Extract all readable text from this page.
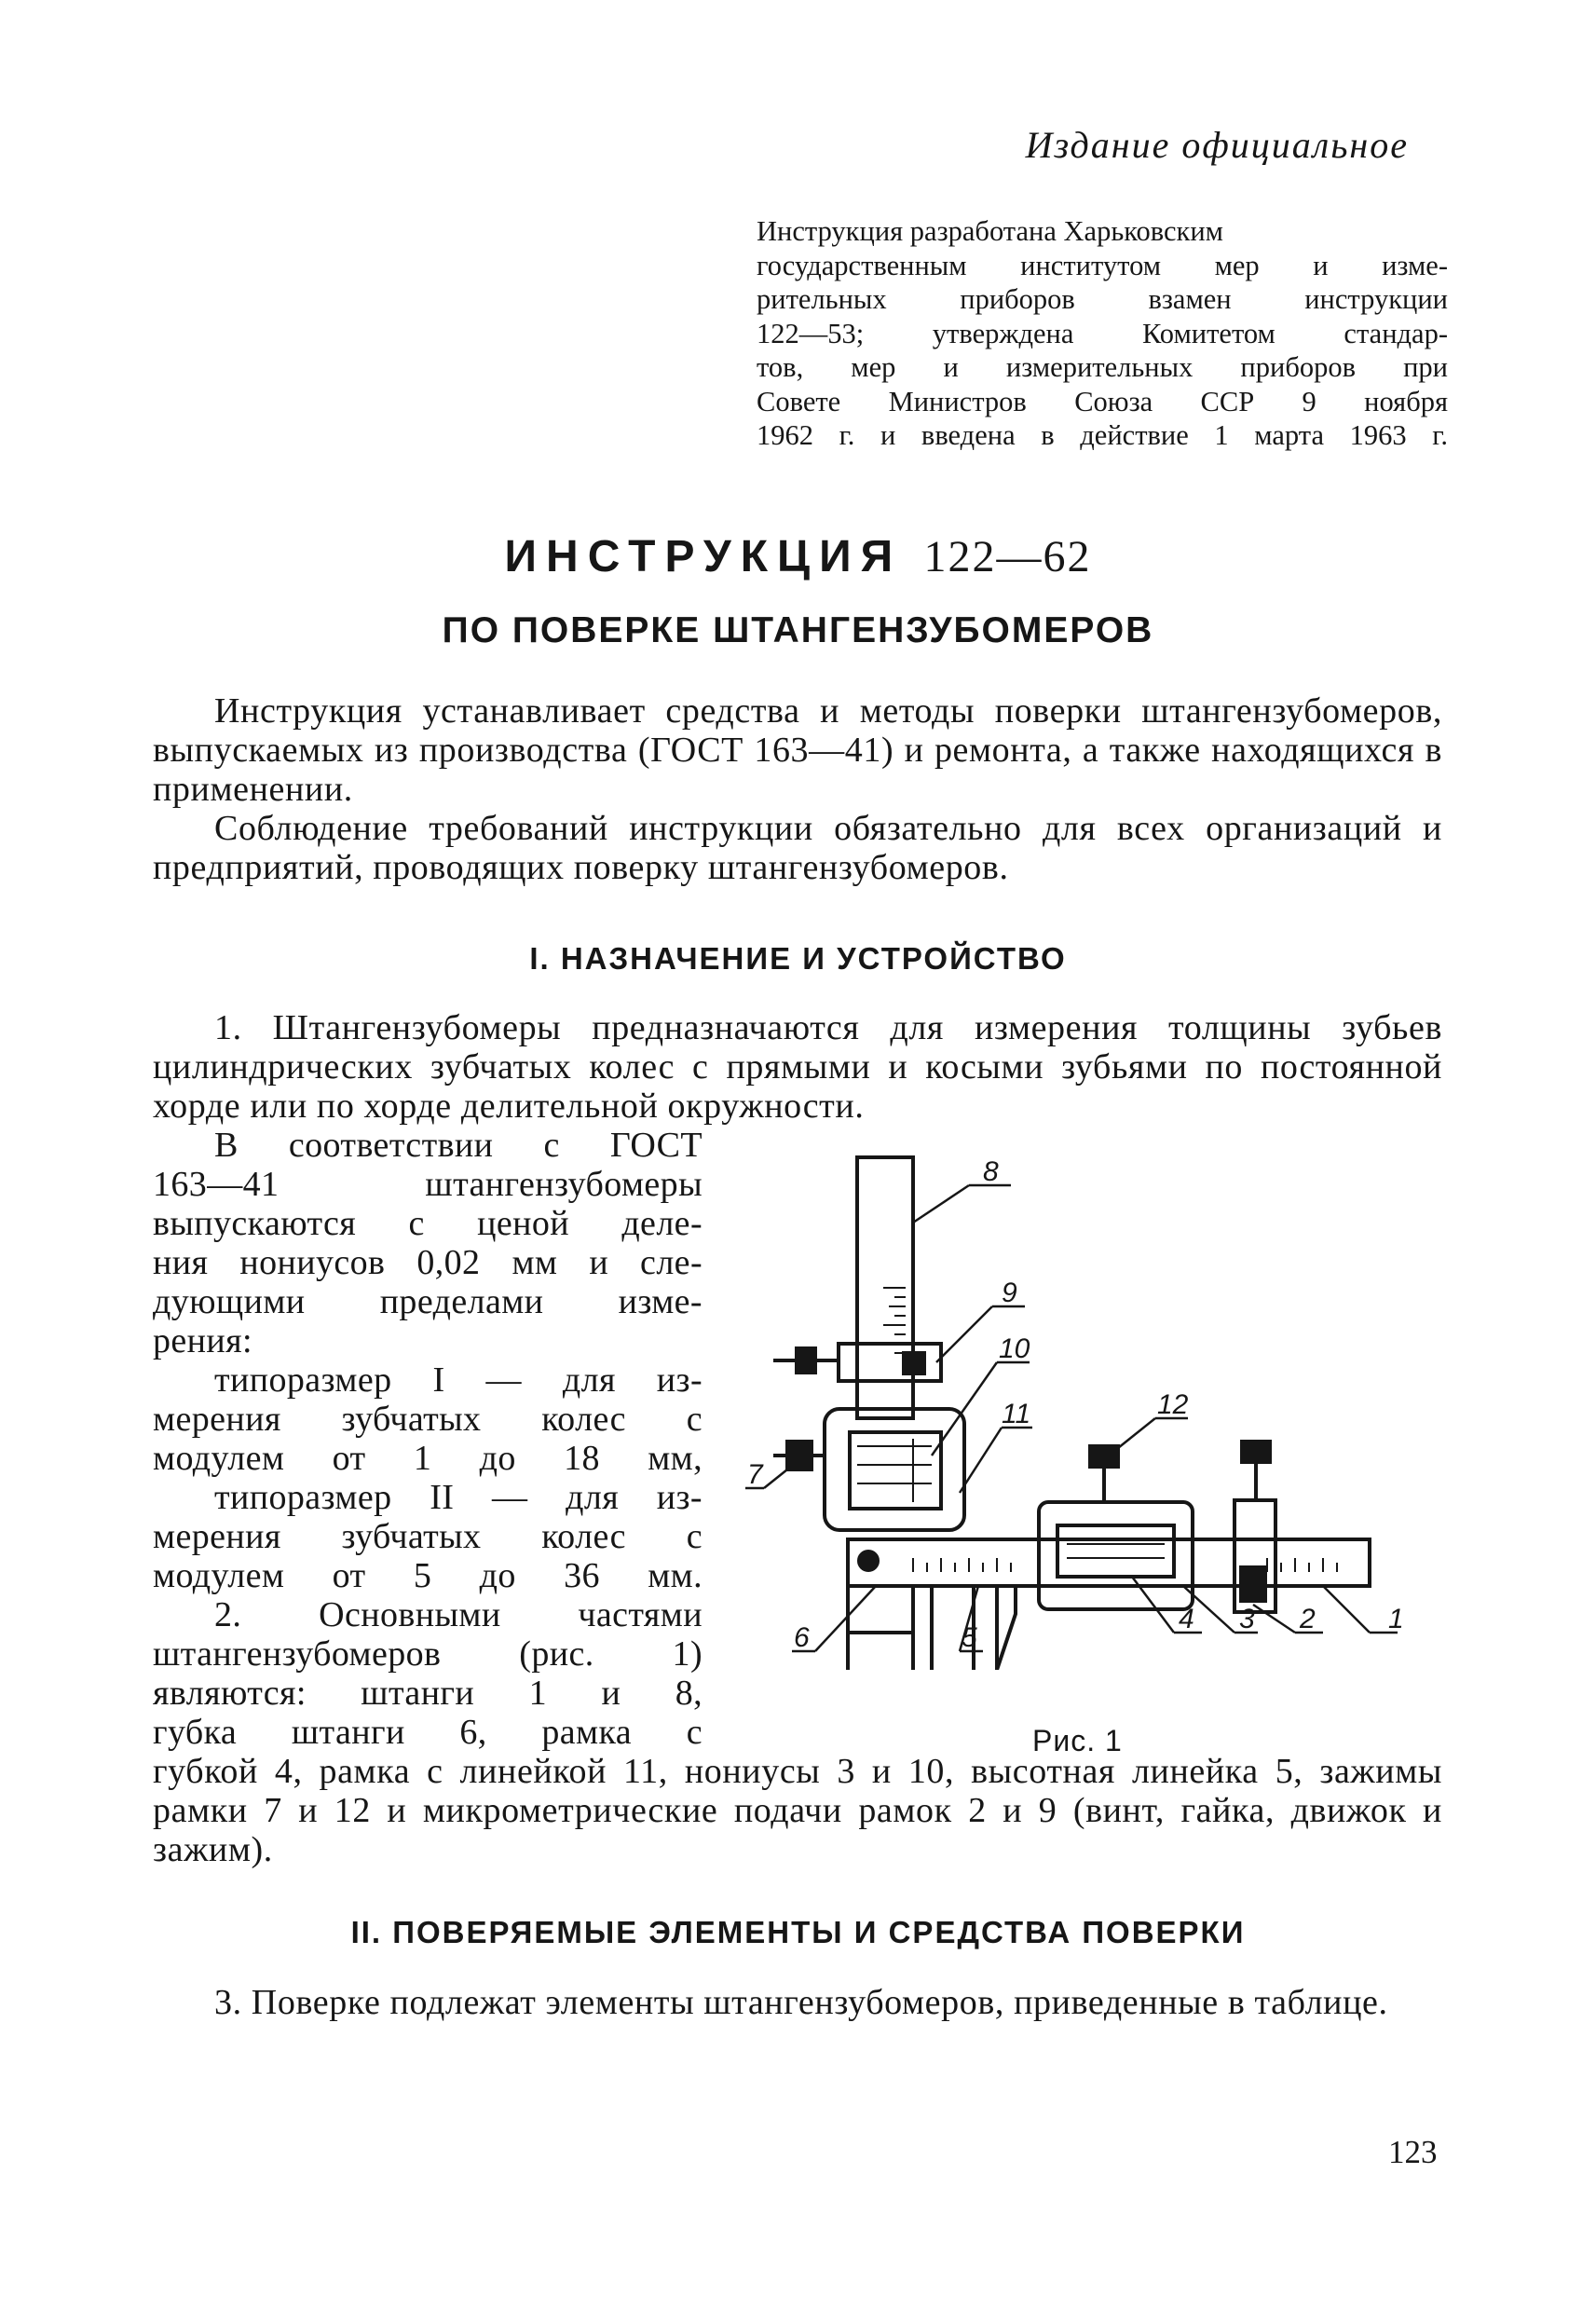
Издание официальное
Инструкция разработана Харьковским
государственным институтом мер и изме-
рительных приборов взамен инструкции
122—53; утверждена Комитетом стандар-
тов, мер и измерительных приборов при
Совете Министров Союза ССР 9 ноября
1962 г. и введена в действие 1 марта 1963 г.
ИНСТРУКЦИЯ 122—62
ПО ПОВЕРКЕ ШТАНГЕНЗУБОМЕРОВ
Инструкция устанавливает средства и методы поверки штангензубомеров, выпускаемых из производства (ГОСТ 163—41) и ремонта, а также находящихся в применении.
Соблюдение требований инструкции обязательно для всех организаций и предприятий, проводящих поверку штангензубомеров.
I. НАЗНАЧЕНИЕ И УСТРОЙСТВО
1. Штангензубомеры предназначаются для измерения толщины зубьев цилиндрических зубчатых колес с прямыми и косыми зубьями по постоянной хорде или по хорде делительной окружности.
В соответствии с ГОСТ
163—41 штангензубомеры
выпускаются с ценой деле-
ния нониусов 0,02 мм и сле-
дующими пределами изме-
рения:
типоразмер I — для из-
мерения зубчатых колес с
модулем от 1 до 18 мм,
типоразмер II — для из-
мерения зубчатых колес с
модулем от 5 до 36 мм.
2. Основными частями
штангензубомеров (рис. 1)
являются: штанги 1 и 8,
губка штанги 6, рамка с
губкой 4, рамка с линейкой 11, нониусы 3 и 10, высотная линейка 5, зажимы рамки 7 и 12 и микрометрические подачи рамок 2 и 9 (винт, гайка, движок и зажим).
1
2
3
4
5
6
7
8
9
10
11	12
Рис. 1
II. ПОВЕРЯЕМЫЕ ЭЛЕМЕНТЫ И СРЕДСТВА ПОВЕРКИ
3. Поверке подлежат элементы штангензубомеров, приведенные в таблице.
123
